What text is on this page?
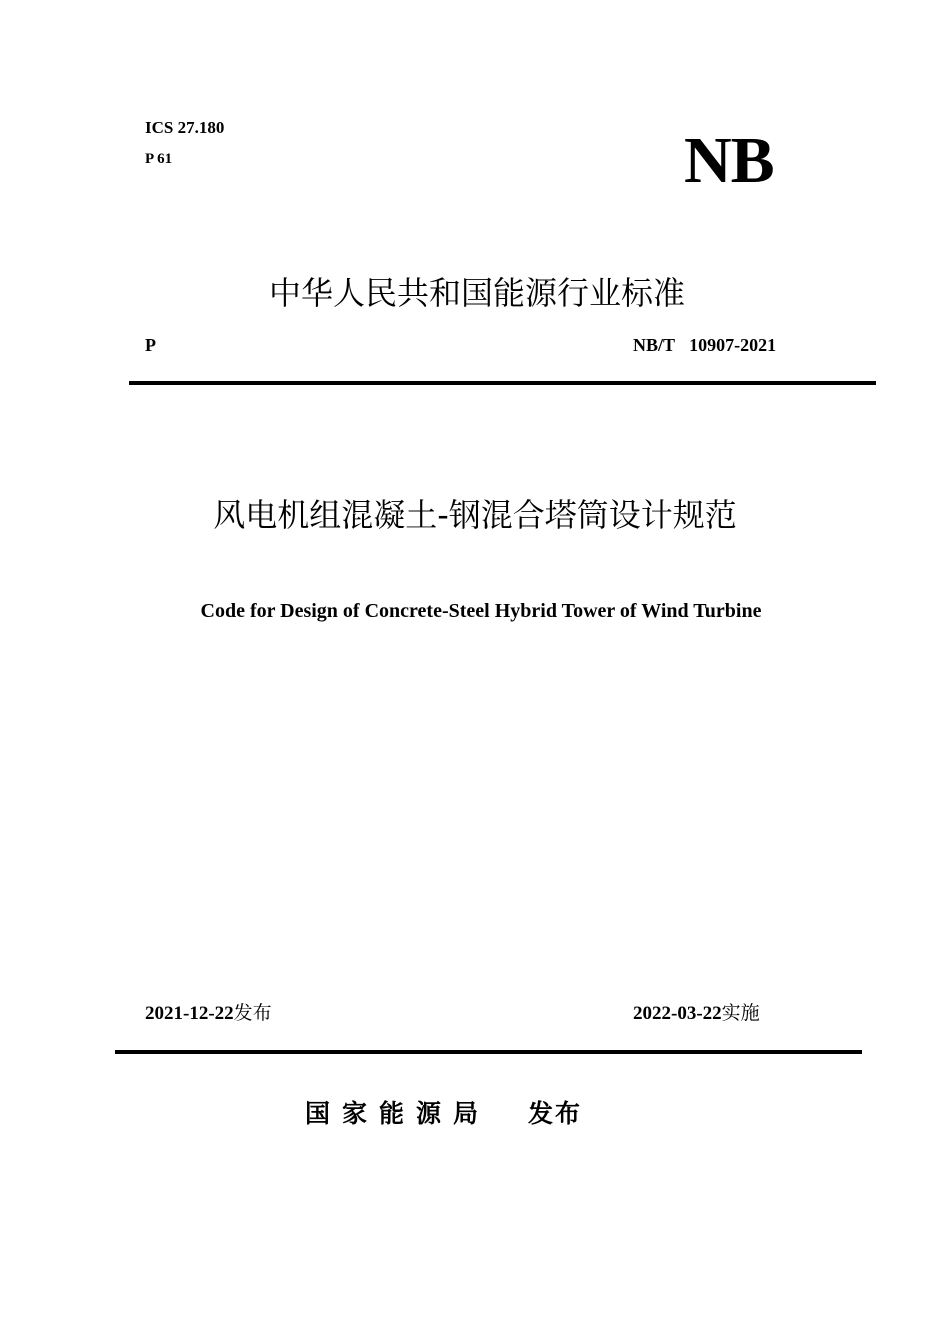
ICS 27.180
P 61	NB
中华人民共和国能源行业标准
P	NB/T 10907-2021
风电机组混凝土-钢混合塔筒设计规范
Code for Design of Concrete-Steel Hybrid Tower of Wind Turbine
2021-12-22发布	2022-03-22实施
国家能源局 发布
